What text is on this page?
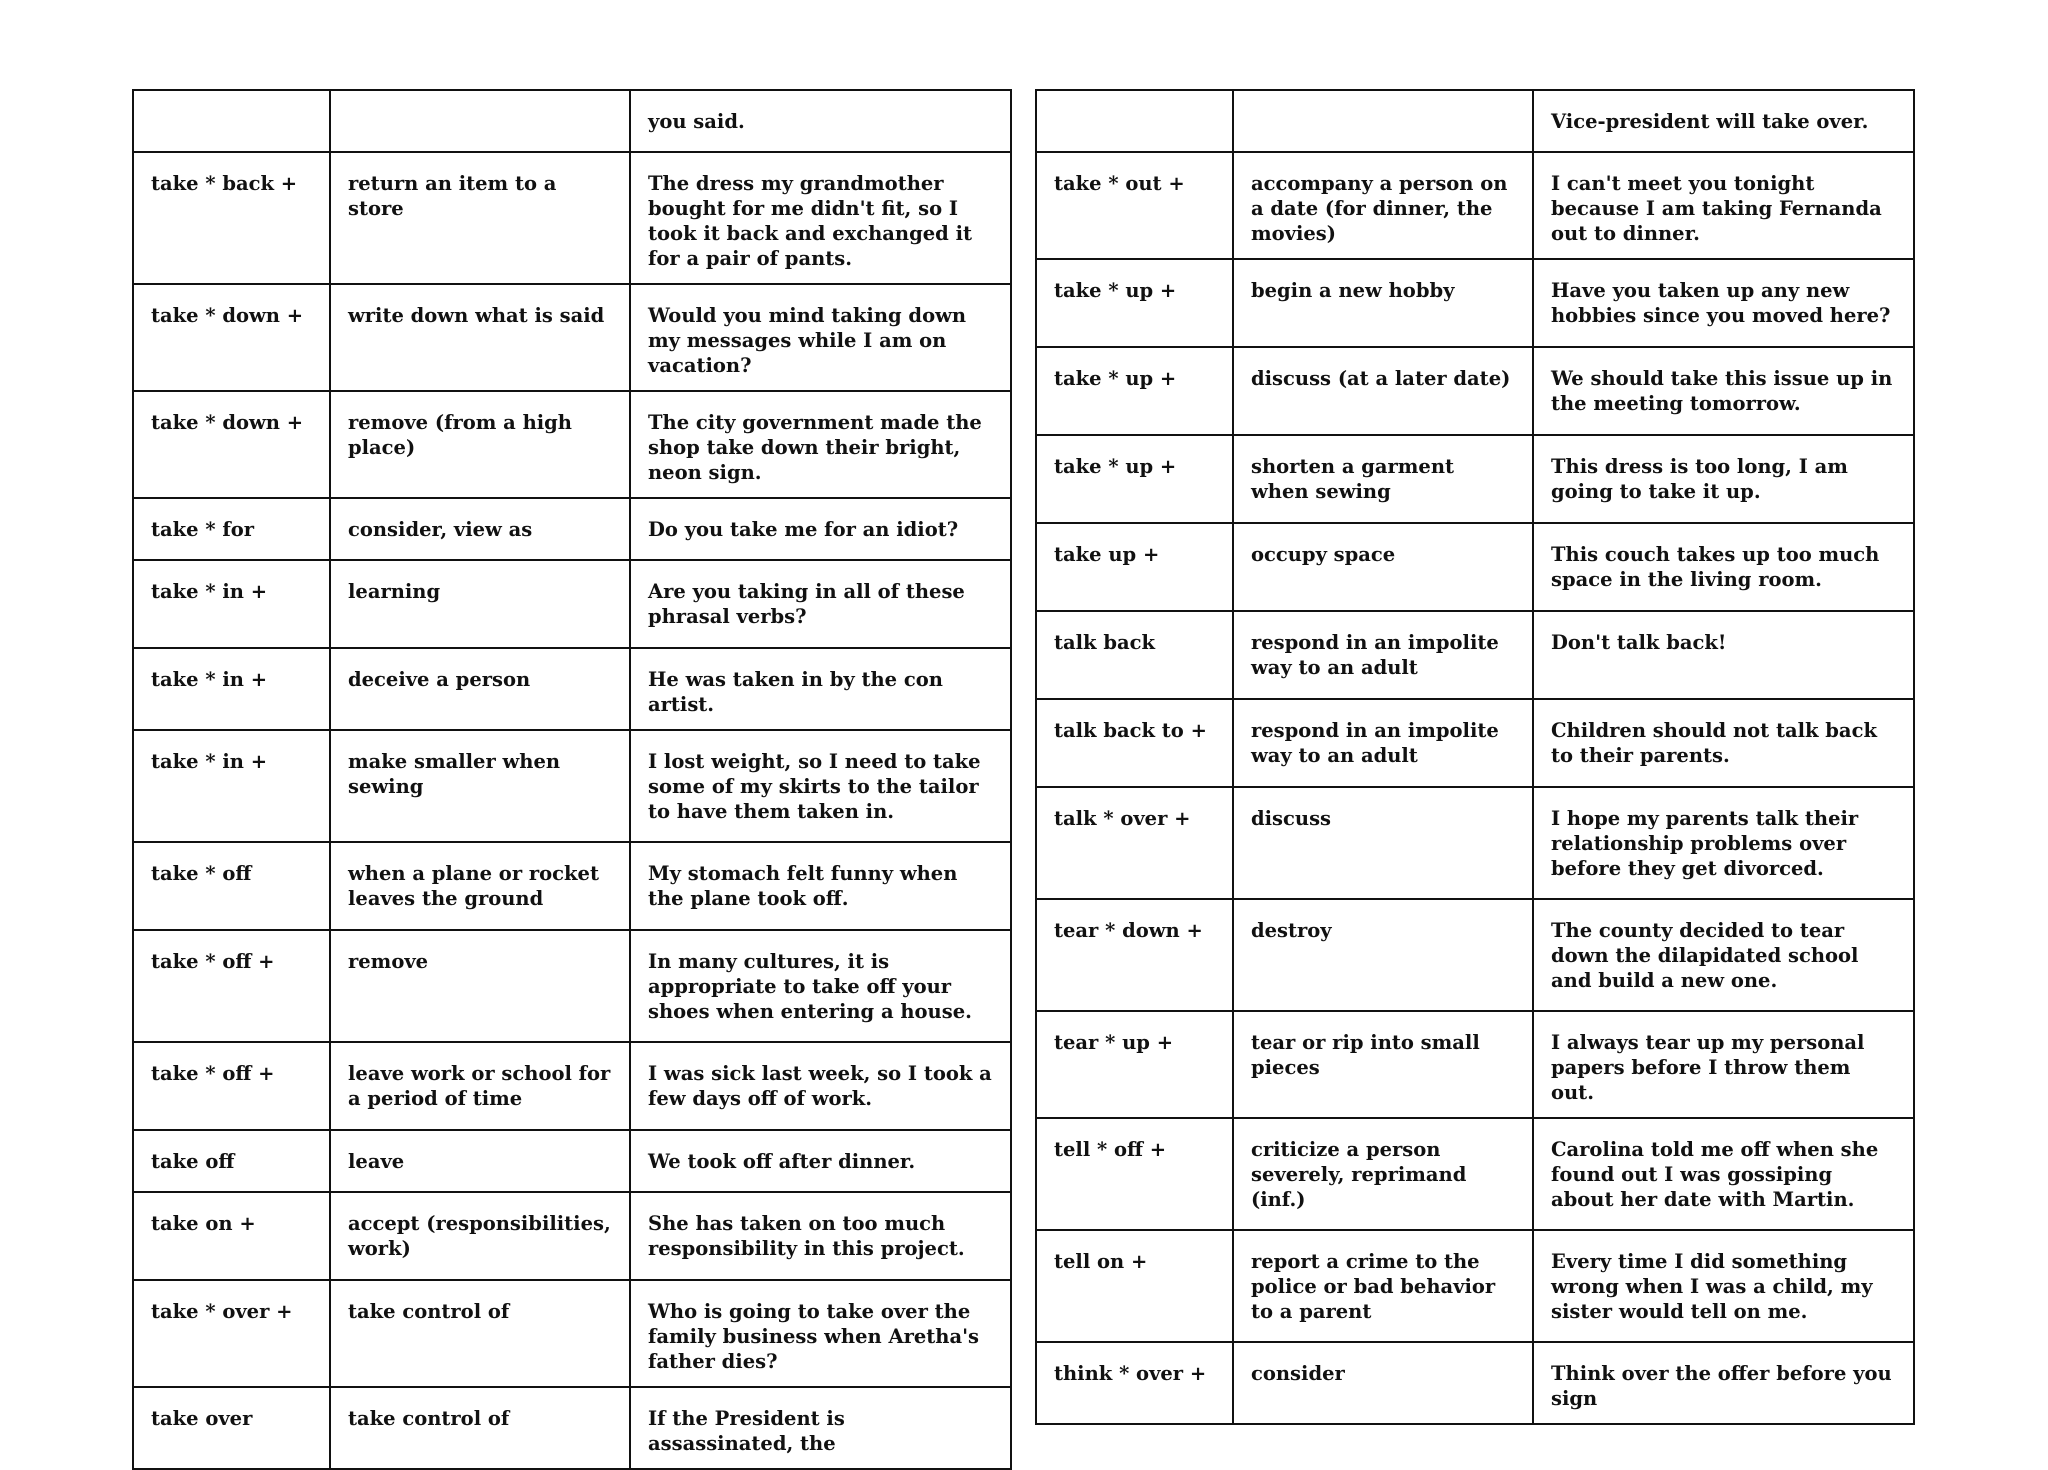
		you said.
take * back +	return an item to a store	The dress my grandmother bought for me didn't fit, so I took it back and exchanged it for a pair of pants.
take * down +	write down what is said	Would you mind taking down my messages while I am on vacation?
take * down +	remove (from a high place)	The city government made the shop take down their bright, neon sign.
take * for	consider, view as	Do you take me for an idiot?
take * in +	learning	Are you taking in all of these phrasal verbs?
take * in +	deceive a person	He was taken in by the con artist.
take * in +	make smaller when sewing	I lost weight, so I need to take some of my skirts to the tailor to have them taken in.
take * off	when a plane or rocket leaves the ground	My stomach felt funny when the plane took off.
take * off +	remove	In many cultures, it is appropriate to take off your shoes when entering a house.
take * off +	leave work or school for a period of time	I was sick last week, so I took a few days off of work.
take off	leave	We took off after dinner.
take on +	accept (responsibilities, work)	She has taken on too much responsibility in this project.
take * over +	take control of	Who is going to take over the family business when Aretha's father dies?
take over	take control of	If the President is assassinated, the
		Vice-president will take over.
take * out +	accompany a person on a date (for dinner, the movies)	I can't meet you tonight because I am taking Fernanda out to dinner.
take * up +	begin a new hobby	Have you taken up any new hobbies since you moved here?
take * up +	discuss (at a later date)	We should take this issue up in the meeting tomorrow.
take * up +	shorten a garment when sewing	This dress is too long, I am going to take it up.
take up +	occupy space	This couch takes up too much space in the living room.
talk back	respond in an impolite way to an adult	Don't talk back!
talk back to +	respond in an impolite way to an adult	Children should not talk back to their parents.
talk * over +	discuss	I hope my parents talk their relationship problems over before they get divorced.
tear * down +	destroy	The county decided to tear down the dilapidated school and build a new one.
tear * up +	tear or rip into small pieces	I always tear up my personal papers before I throw them out.
tell * off +	criticize a person severely, reprimand (inf.)	Carolina told me off when she found out I was gossiping about her date with Martin.
tell on +	report a crime to the police or bad behavior to a parent	Every time I did something wrong when I was a child, my sister would tell on me.
think * over +	consider	Think over the offer before you sign
